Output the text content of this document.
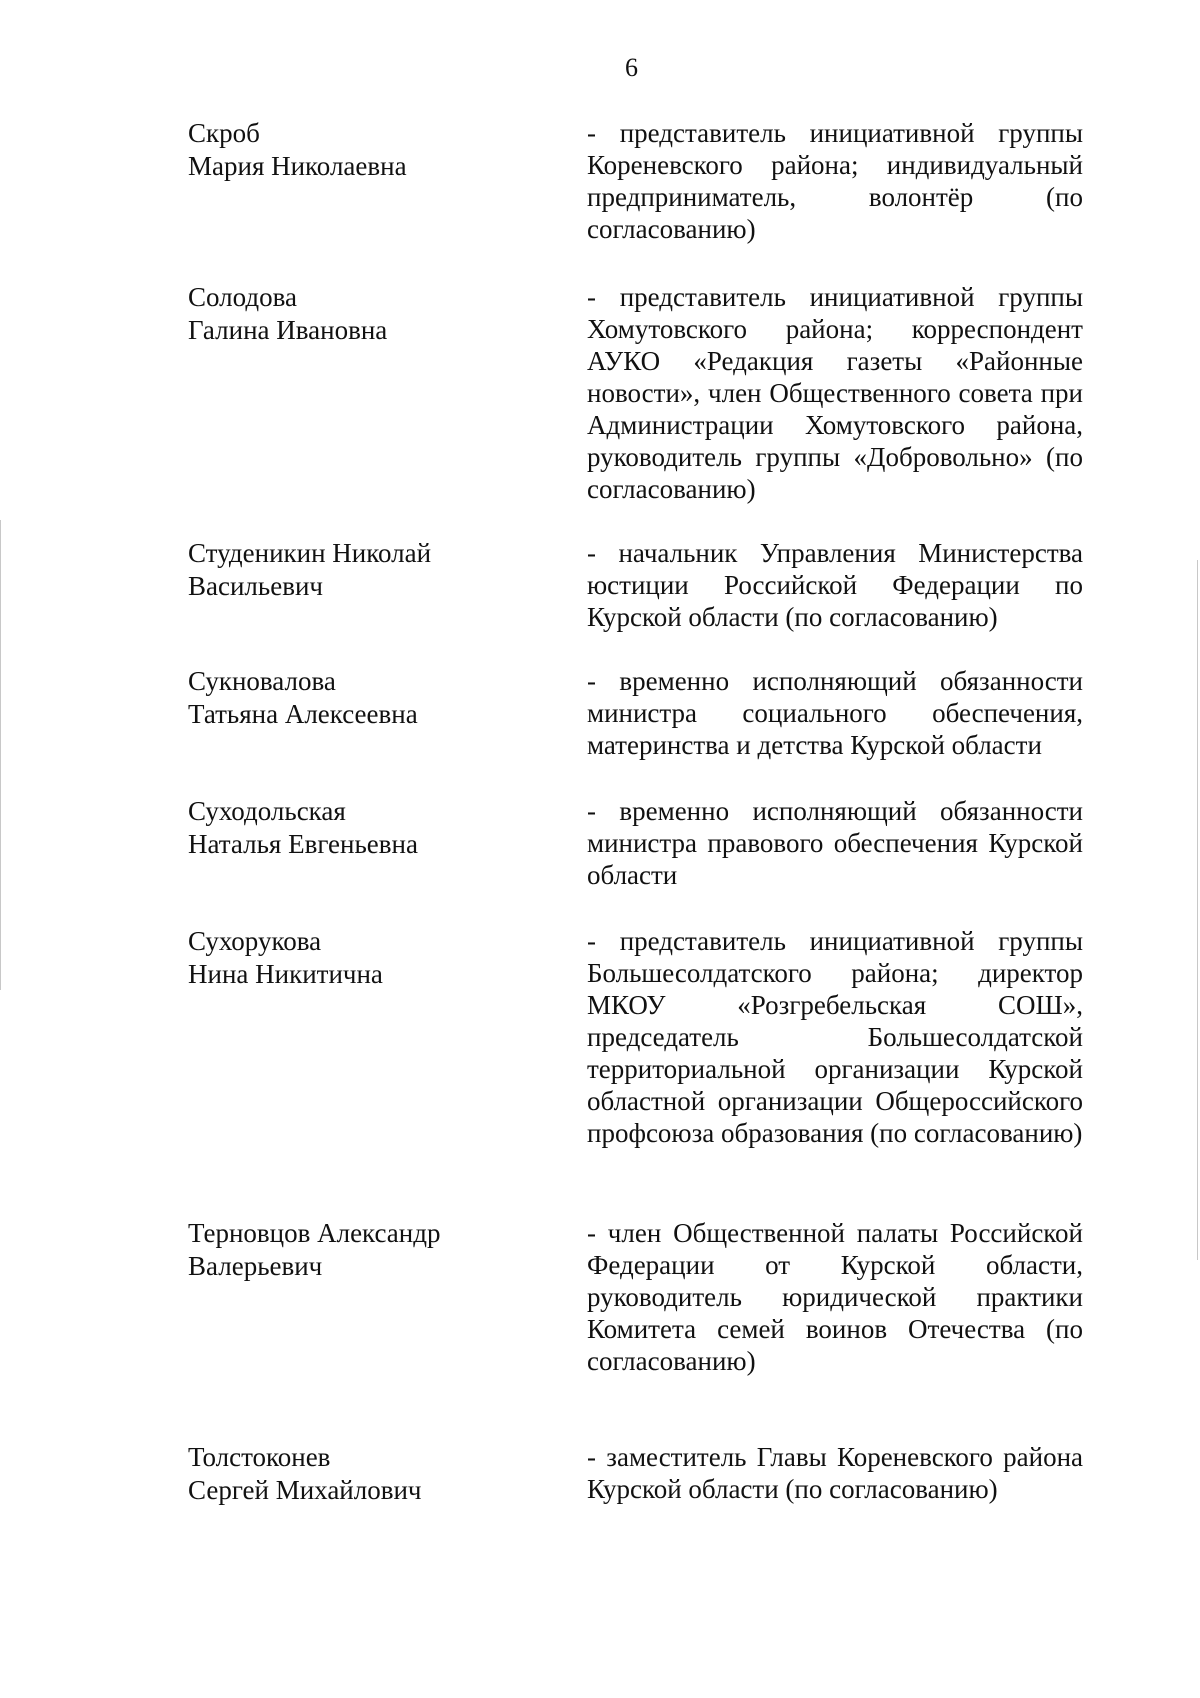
6
Скроб
Мария Николаевна
- представитель инициативной группы Кореневского района; индивидуальный предприниматель, волонтёр (по согласованию)
Солодова
Галина Ивановна
- представитель инициативной группы Хомутовского района; корреспондент АУКО «Редакция газеты «Районные новости», член Общественного совета при Администрации Хомутовского района, руководитель группы «Добровольно» (по согласованию)
Студеникин Николай
Васильевич
- начальник Управления Министерства юстиции Российской Федерации по Курской области (по согласованию)
Сукновалова
Татьяна Алексеевна
- временно исполняющий обязанности министра социального обеспечения, материнства и детства Курской области
Суходольская
Наталья Евгеньевна
- временно исполняющий обязанности министра правового обеспечения Курской области
Сухорукова
Нина Никитична
- представитель инициативной группы Большесолдатского района; директор МКОУ «Розгребельская СОШ», председатель Большесолдатской территориальной организации Курской областной организации Общероссийского профсоюза образования (по согласованию)
Терновцов Александр
Валерьевич
- член Общественной палаты Российской Федерации от Курской области, руководитель юридической практики Комитета семей воинов Отечества (по согласованию)
Толстоконев
Сергей Михайлович
- заместитель Главы Кореневского района Курской области (по согласованию)
